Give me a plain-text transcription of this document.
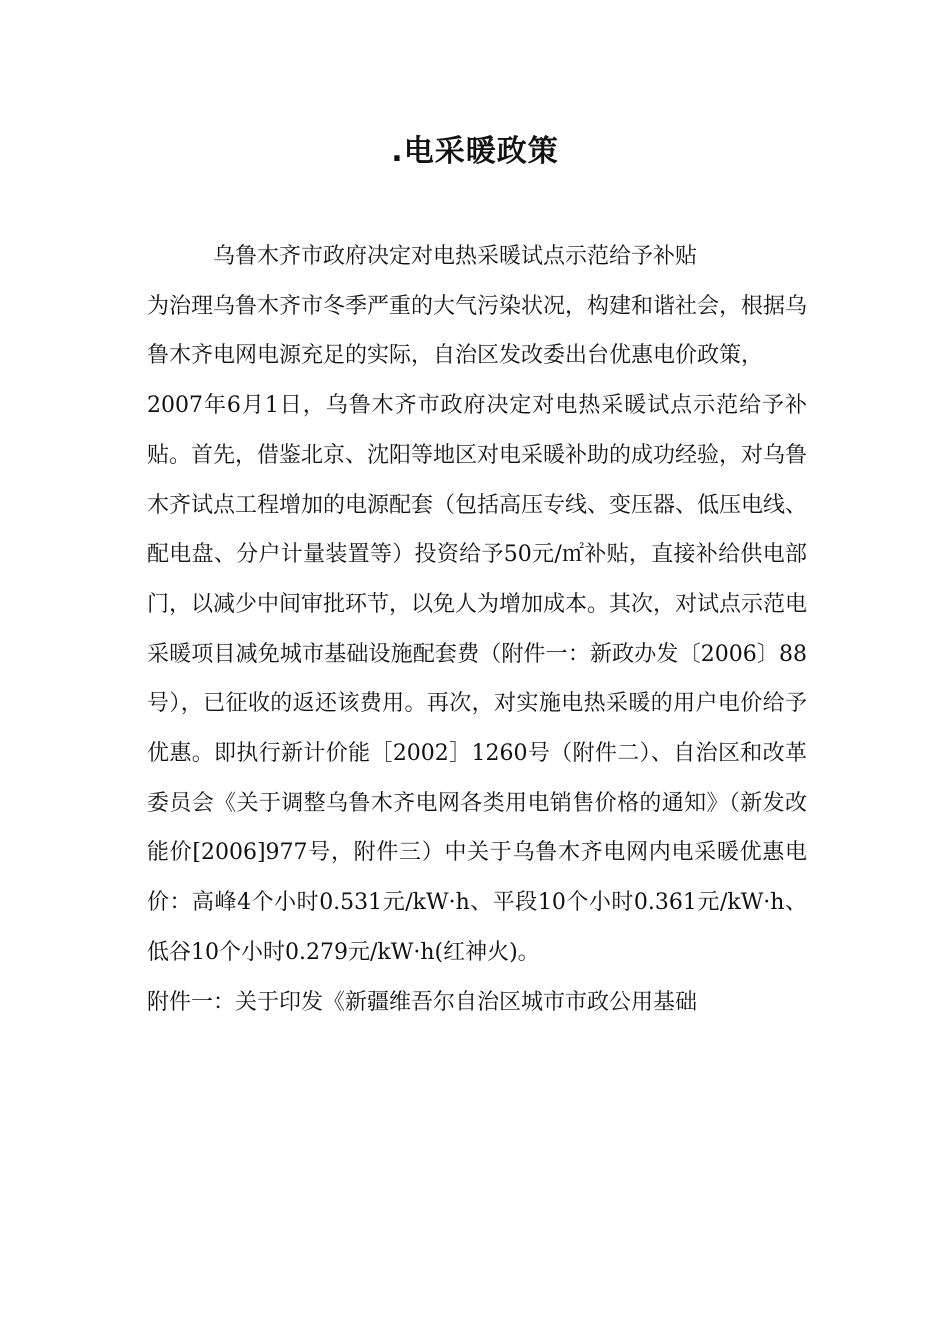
.电采暖政策

乌鲁木齐市政府决定对电热采暖试点示范给予补贴

为治理乌鲁木齐市冬季严重的大气污染状况，构建和谐社会，根据乌鲁木齐电网电源充足的实际，自治区发改委出台优惠电价政策，

2007年6月1日，乌鲁木齐市政府决定对电热采暖试点示范给予补贴。首先，借鉴北京、沈阳等地区对电采暖补助的成功经验，对乌鲁木齐试点工程增加的电源配套（包括高压专线、变压器、低压电线、配电盘、分户计量装置等）投资给予50元/㎡补贴，直接补给供电部门，以减少中间审批环节，以免人为增加成本。其次，对试点示范电采暖项目减免城市基础设施配套费（附件一：新政办发〔2006〕88号），已征收的返还该费用。再次，对实施电热采暖的用户电价给予优惠。即执行新计价能［2002］1260号（附件二）、自治区和改革委员会《关于调整乌鲁木齐电网各类用电销售价格的通知》（新发改能价[2006]977号，附件三）中关于乌鲁木齐电网内电采暖优惠电价：高峰4个小时0.531元/kW·h、平段10个小时0.361元/kW·h、低谷10个小时0.279元/kW·h(红神火)。

附件一：关于印发《新疆维吾尔自治区城市市政公用基础
